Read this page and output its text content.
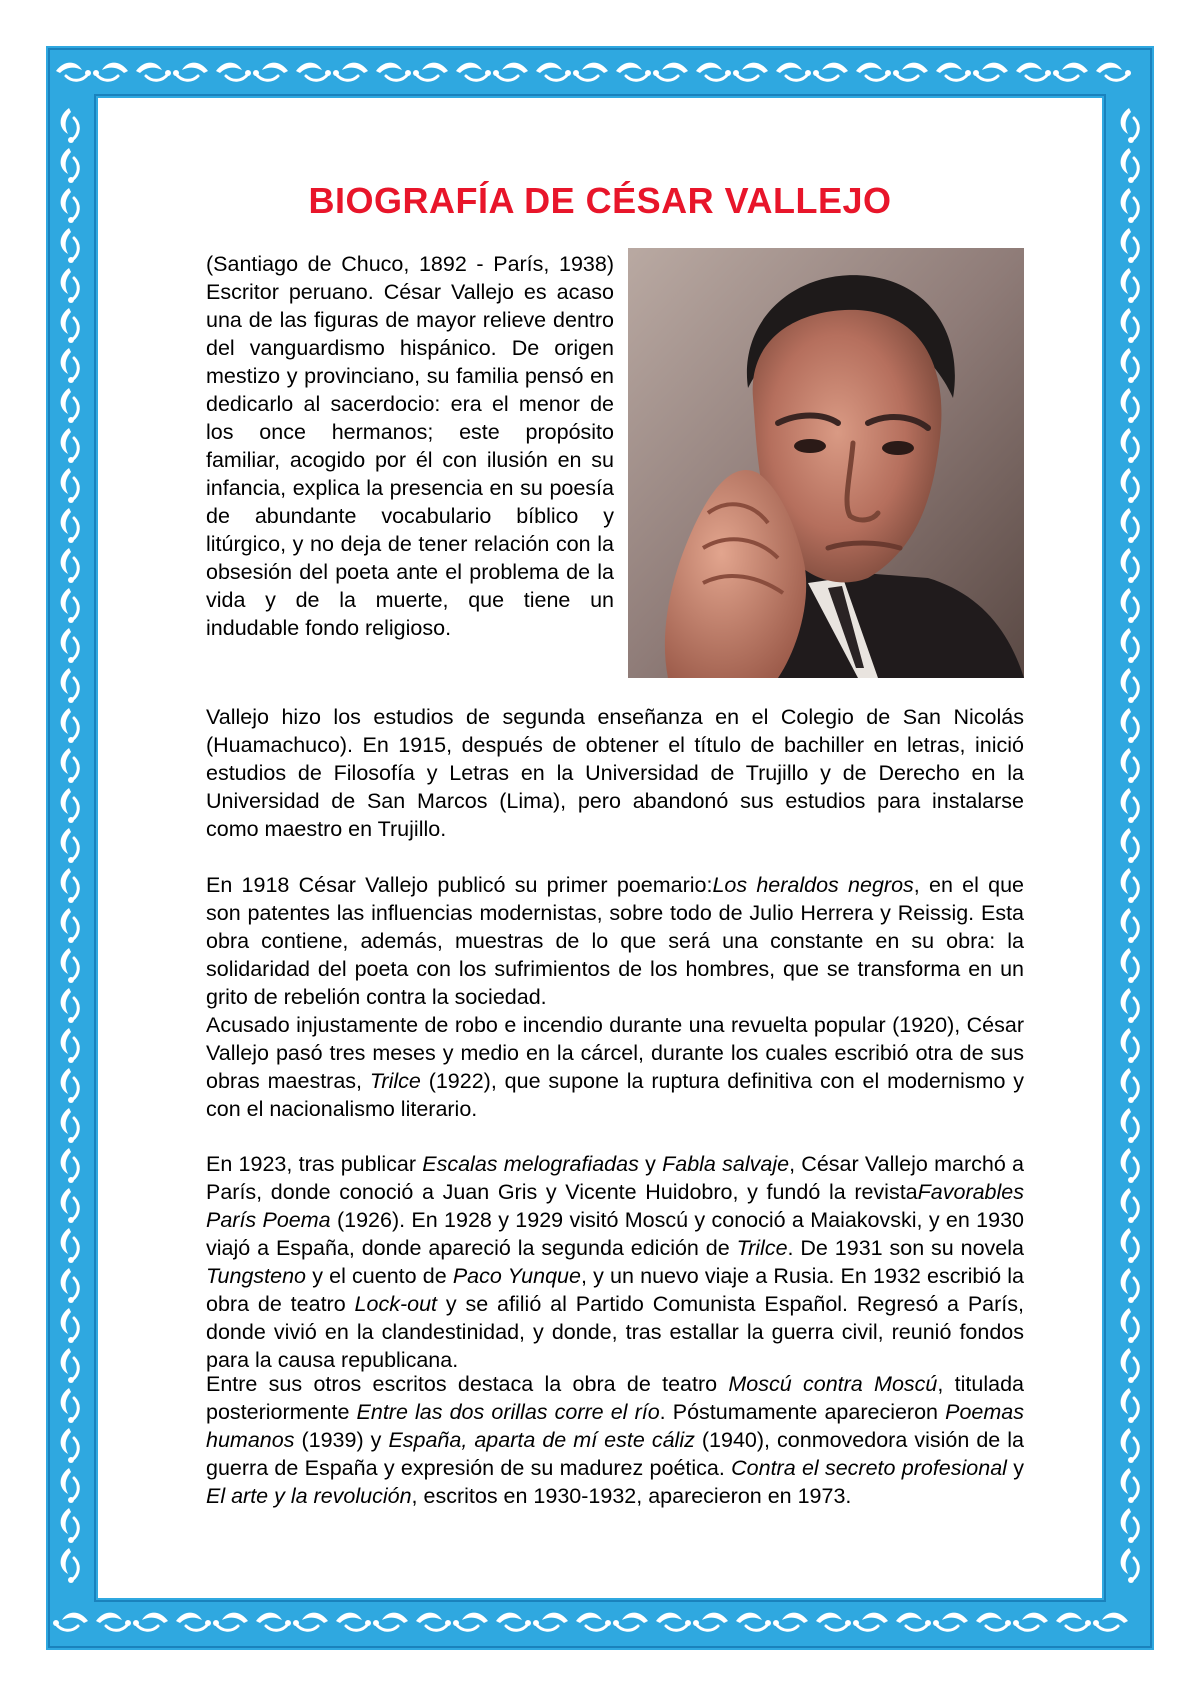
BIOGRAFÍA DE CÉSAR VALLEJO

(Santiago de Chuco, 1892 - París, 1938) Escritor peruano. César Vallejo es acaso una de las figuras de mayor relieve dentro del vanguardismo hispánico. De origen mestizo y provinciano, su familia pensó en dedicarlo al sacerdocio: era el menor de los once hermanos; este propósito familiar, acogido por él con ilusión en su infancia, explica la presencia en su poesía de abundante vocabulario bíblico y litúrgico, y no deja de tener relación con la obsesión del poeta ante el problema de la vida y de la muerte, que tiene un indudable fondo religioso.

Vallejo hizo los estudios de segunda enseñanza en el Colegio de San Nicolás (Huamachuco). En 1915, después de obtener el título de bachiller en letras, inició estudios de Filosofía y Letras en la Universidad de Trujillo y de Derecho en la Universidad de San Marcos (Lima), pero abandonó sus estudios para instalarse como maestro en Trujillo.

En 1918 César Vallejo publicó su primer poemario:Los heraldos negros, en el que son patentes las influencias modernistas, sobre todo de Julio Herrera y Reissig. Esta obra contiene, además, muestras de lo que será una constante en su obra: la solidaridad del poeta con los sufrimientos de los hombres, que se transforma en un grito de rebelión contra la sociedad.

Acusado injustamente de robo e incendio durante una revuelta popular (1920), César Vallejo pasó tres meses y medio en la cárcel, durante los cuales escribió otra de sus obras maestras, Trilce (1922), que supone la ruptura definitiva con el modernismo y con el nacionalismo literario.

En 1923, tras publicar Escalas melografiadas y Fabla salvaje, César Vallejo marchó a París, donde conoció a Juan Gris y Vicente Huidobro, y fundó la revistaFavorables París Poema (1926). En 1928 y 1929 visitó Moscú y conoció a Maiakovski, y en 1930 viajó a España, donde apareció la segunda edición de Trilce. De 1931 son su novela Tungsteno y el cuento de Paco Yunque, y un nuevo viaje a Rusia. En 1932 escribió la obra de teatro Lock-out y se afilió al Partido Comunista Español. Regresó a París, donde vivió en la clandestinidad, y donde, tras estallar la guerra civil, reunió fondos para la causa republicana.

Entre sus otros escritos destaca la obra de teatro Moscú contra Moscú, titulada posteriormente Entre las dos orillas corre el río. Póstumamente aparecieron Poemas humanos (1939) y España, aparta de mí este cáliz (1940), conmovedora visión de la guerra de España y expresión de su madurez poética. Contra el secreto profesional y El arte y la revolución, escritos en 1930-1932, aparecieron en 1973.
